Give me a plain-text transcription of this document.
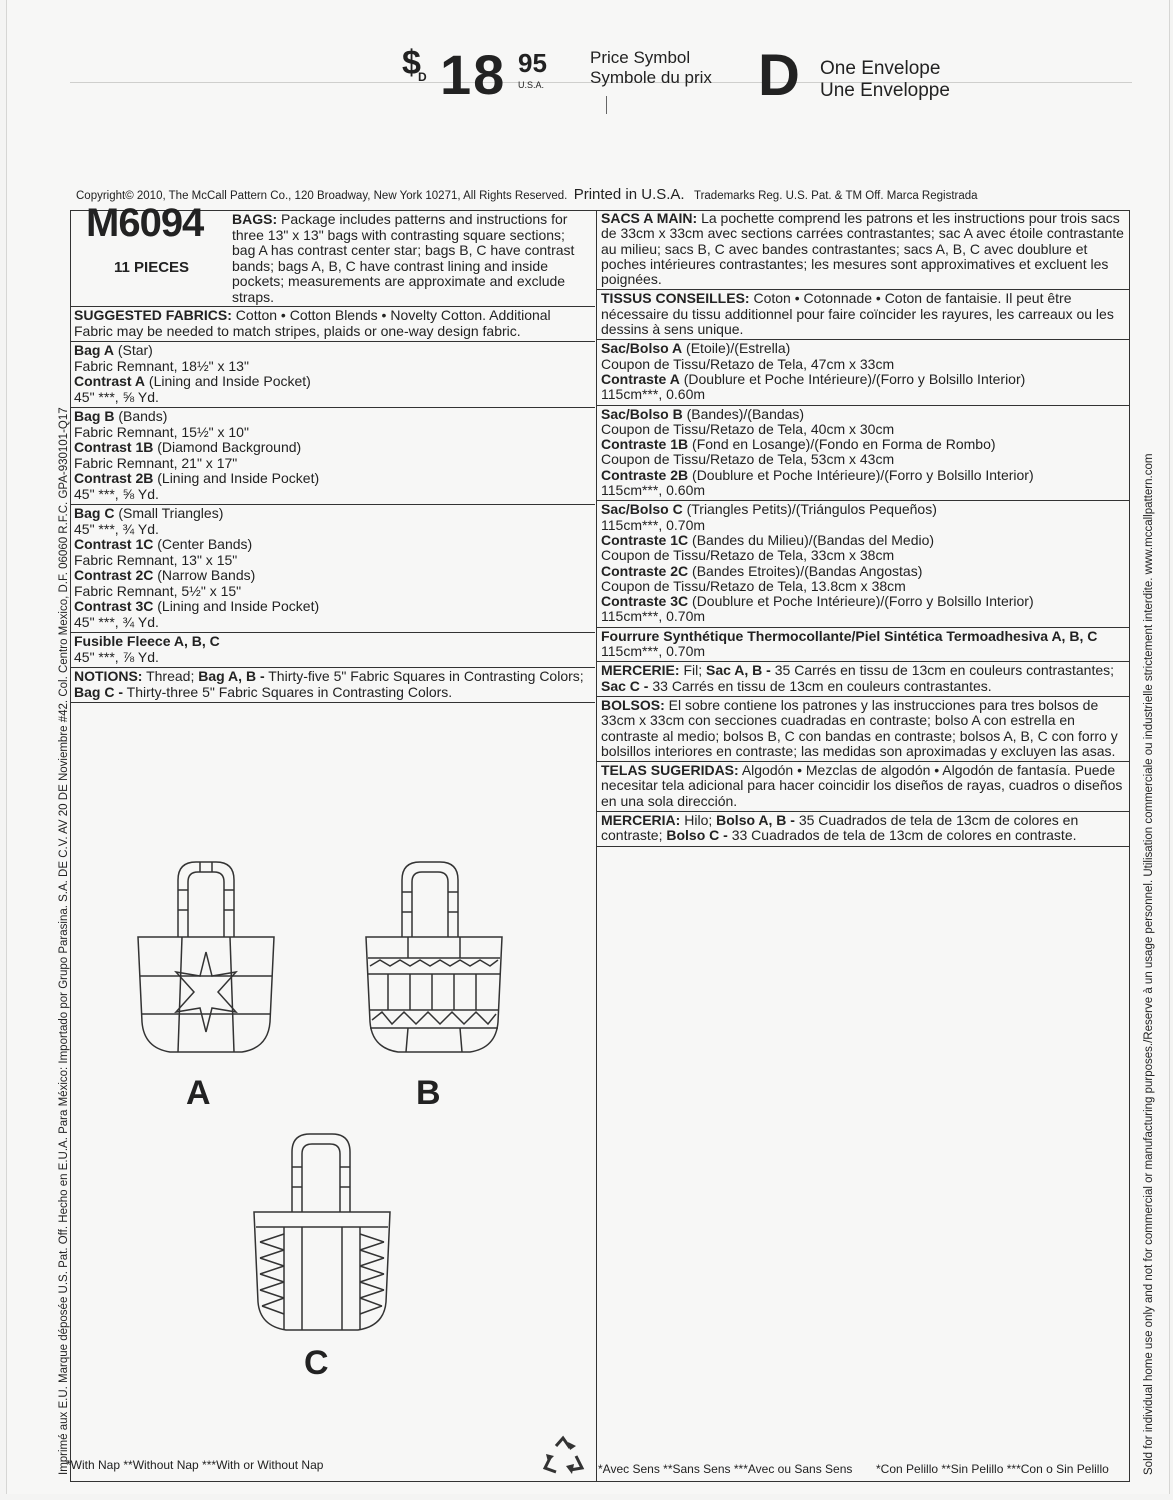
$
D 18 95
U.S.A.
Price Symbol
Symbole du prix D One Envelope
Une Enveloppe
Copyright© 2010, The McCall Pattern Co., 120 Broadway, New York 10271, All Rights Reserved. Printed in U.S.A. Trademarks Reg. U.S. Pat. & TM Off. Marca Registrada
Imprimé aux E.U. Marque déposée U.S. Pat. Off. Hecho en E.U.A. Para México: Importado por Grupo Parasina. S.A. DE C.V. AV 20 DE Noviembre #42. Col. Centro Mexico, D.F. 06060 R.F.C. GPA-930101-Q17	Sold for individual home use only and not for commercial or manufacturing purposes./Reserve à un usage personnel. Utilisation commerciale ou industrielle strictement interdite. www.mccallpattern.com
M6094
11 PIECES
BAGS: Package includes patterns and instructions for three 13" x 13" bags with contrasting square sections; bag A has contrast center star; bags B, C have contrast bands; bags A, B, C have contrast lining and inside pockets; measurements are approximate and exclude straps.
SUGGESTED FABRICS: Cotton • Cotton Blends • Novelty Cotton. Additional Fabric may be needed to match stripes, plaids or one-way design fabric.
Bag A (Star)
Fabric Remnant, 18½" x 13"
Contrast A (Lining and Inside Pocket)
45" ***, ⅝ Yd.
Bag B (Bands)
Fabric Remnant, 15½" x 10"
Contrast 1B (Diamond Background)
Fabric Remnant, 21" x 17"
Contrast 2B (Lining and Inside Pocket)
45" ***, ⅝ Yd.
Bag C (Small Triangles)
45" ***, ¾ Yd.
Contrast 1C (Center Bands)
Fabric Remnant, 13" x 15"
Contrast 2C (Narrow Bands)
Fabric Remnant, 5½" x 15"
Contrast 3C (Lining and Inside Pocket)
45" ***, ¾ Yd.
Fusible Fleece A, B, C
45" ***, ⅞ Yd.
NOTIONS: Thread; Bag A, B - Thirty-five 5" Fabric Squares in Contrasting Colors; Bag C - Thirty-three 5" Fabric Squares in Contrasting Colors.
A	B
C
*With Nap **Without Nap ***With or Without Nap
SACS A MAIN: La pochette comprend les patrons et les instructions pour trois sacs de 33cm x 33cm avec sections carrées contrastantes; sac A avec étoile contrastante au milieu; sacs B, C avec bandes contrastantes; sacs A, B, C avec doublure et poches intérieures contrastantes; les mesures sont approximatives et excluent les poignées.
TISSUS CONSEILLES: Coton • Cotonnade • Coton de fantaisie. Il peut être nécessaire du tissu additionnel pour faire coïncider les rayures, les carreaux ou les dessins à sens unique.
Sac/Bolso A (Etoile)/(Estrella)
Coupon de Tissu/Retazo de Tela, 47cm x 33cm
Contraste A (Doublure et Poche Intérieure)/(Forro y Bolsillo Interior)
115cm***, 0.60m
Sac/Bolso B (Bandes)/(Bandas)
Coupon de Tissu/Retazo de Tela, 40cm x 30cm
Contraste 1B (Fond en Losange)/(Fondo en Forma de Rombo)
Coupon de Tissu/Retazo de Tela, 53cm x 43cm
Contraste 2B (Doublure et Poche Intérieure)/(Forro y Bolsillo Interior)
115cm***, 0.60m
Sac/Bolso C (Triangles Petits)/(Triángulos Pequeños)
115cm***, 0.70m
Contraste 1C (Bandes du Milieu)/(Bandas del Medio)
Coupon de Tissu/Retazo de Tela, 33cm x 38cm
Contraste 2C (Bandes Etroites)/(Bandas Angostas)
Coupon de Tissu/Retazo de Tela, 13.8cm x 38cm
Contraste 3C (Doublure et Poche Intérieure)/(Forro y Bolsillo Interior)
115cm***, 0.70m
Fourrure Synthétique Thermocollante/Piel Sintética Termoadhesiva A, B, C
115cm***, 0.70m
MERCERIE: Fil; Sac A, B - 35 Carrés en tissu de 13cm en couleurs contrastantes; Sac C - 33 Carrés en tissu de 13cm en couleurs contrastantes.
BOLSOS: El sobre contiene los patrones y las instrucciones para tres bolsos de 33cm x 33cm con secciones cuadradas en contraste; bolso A con estrella en contraste al medio; bolsos B, C con bandas en contraste; bolsos A, B, C con forro y bolsillos interiores en contraste; las medidas son aproximadas y excluyen las asas.
TELAS SUGERIDAS: Algodón • Mezclas de algodón • Algodón de fantasía. Puede necesitar tela adicional para hacer coincidir los diseños de rayas, cuadros o diseños en una sola dirección.
MERCERIA: Hilo; Bolso A, B - 35 Cuadrados de tela de 13cm de colores en contraste; Bolso C - 33 Cuadrados de tela de 13cm de colores en contraste.
*Avec Sens **Sans Sens ***Avec ou Sans Sens *Con Pelillo **Sin Pelillo ***Con o Sin Pelillo
